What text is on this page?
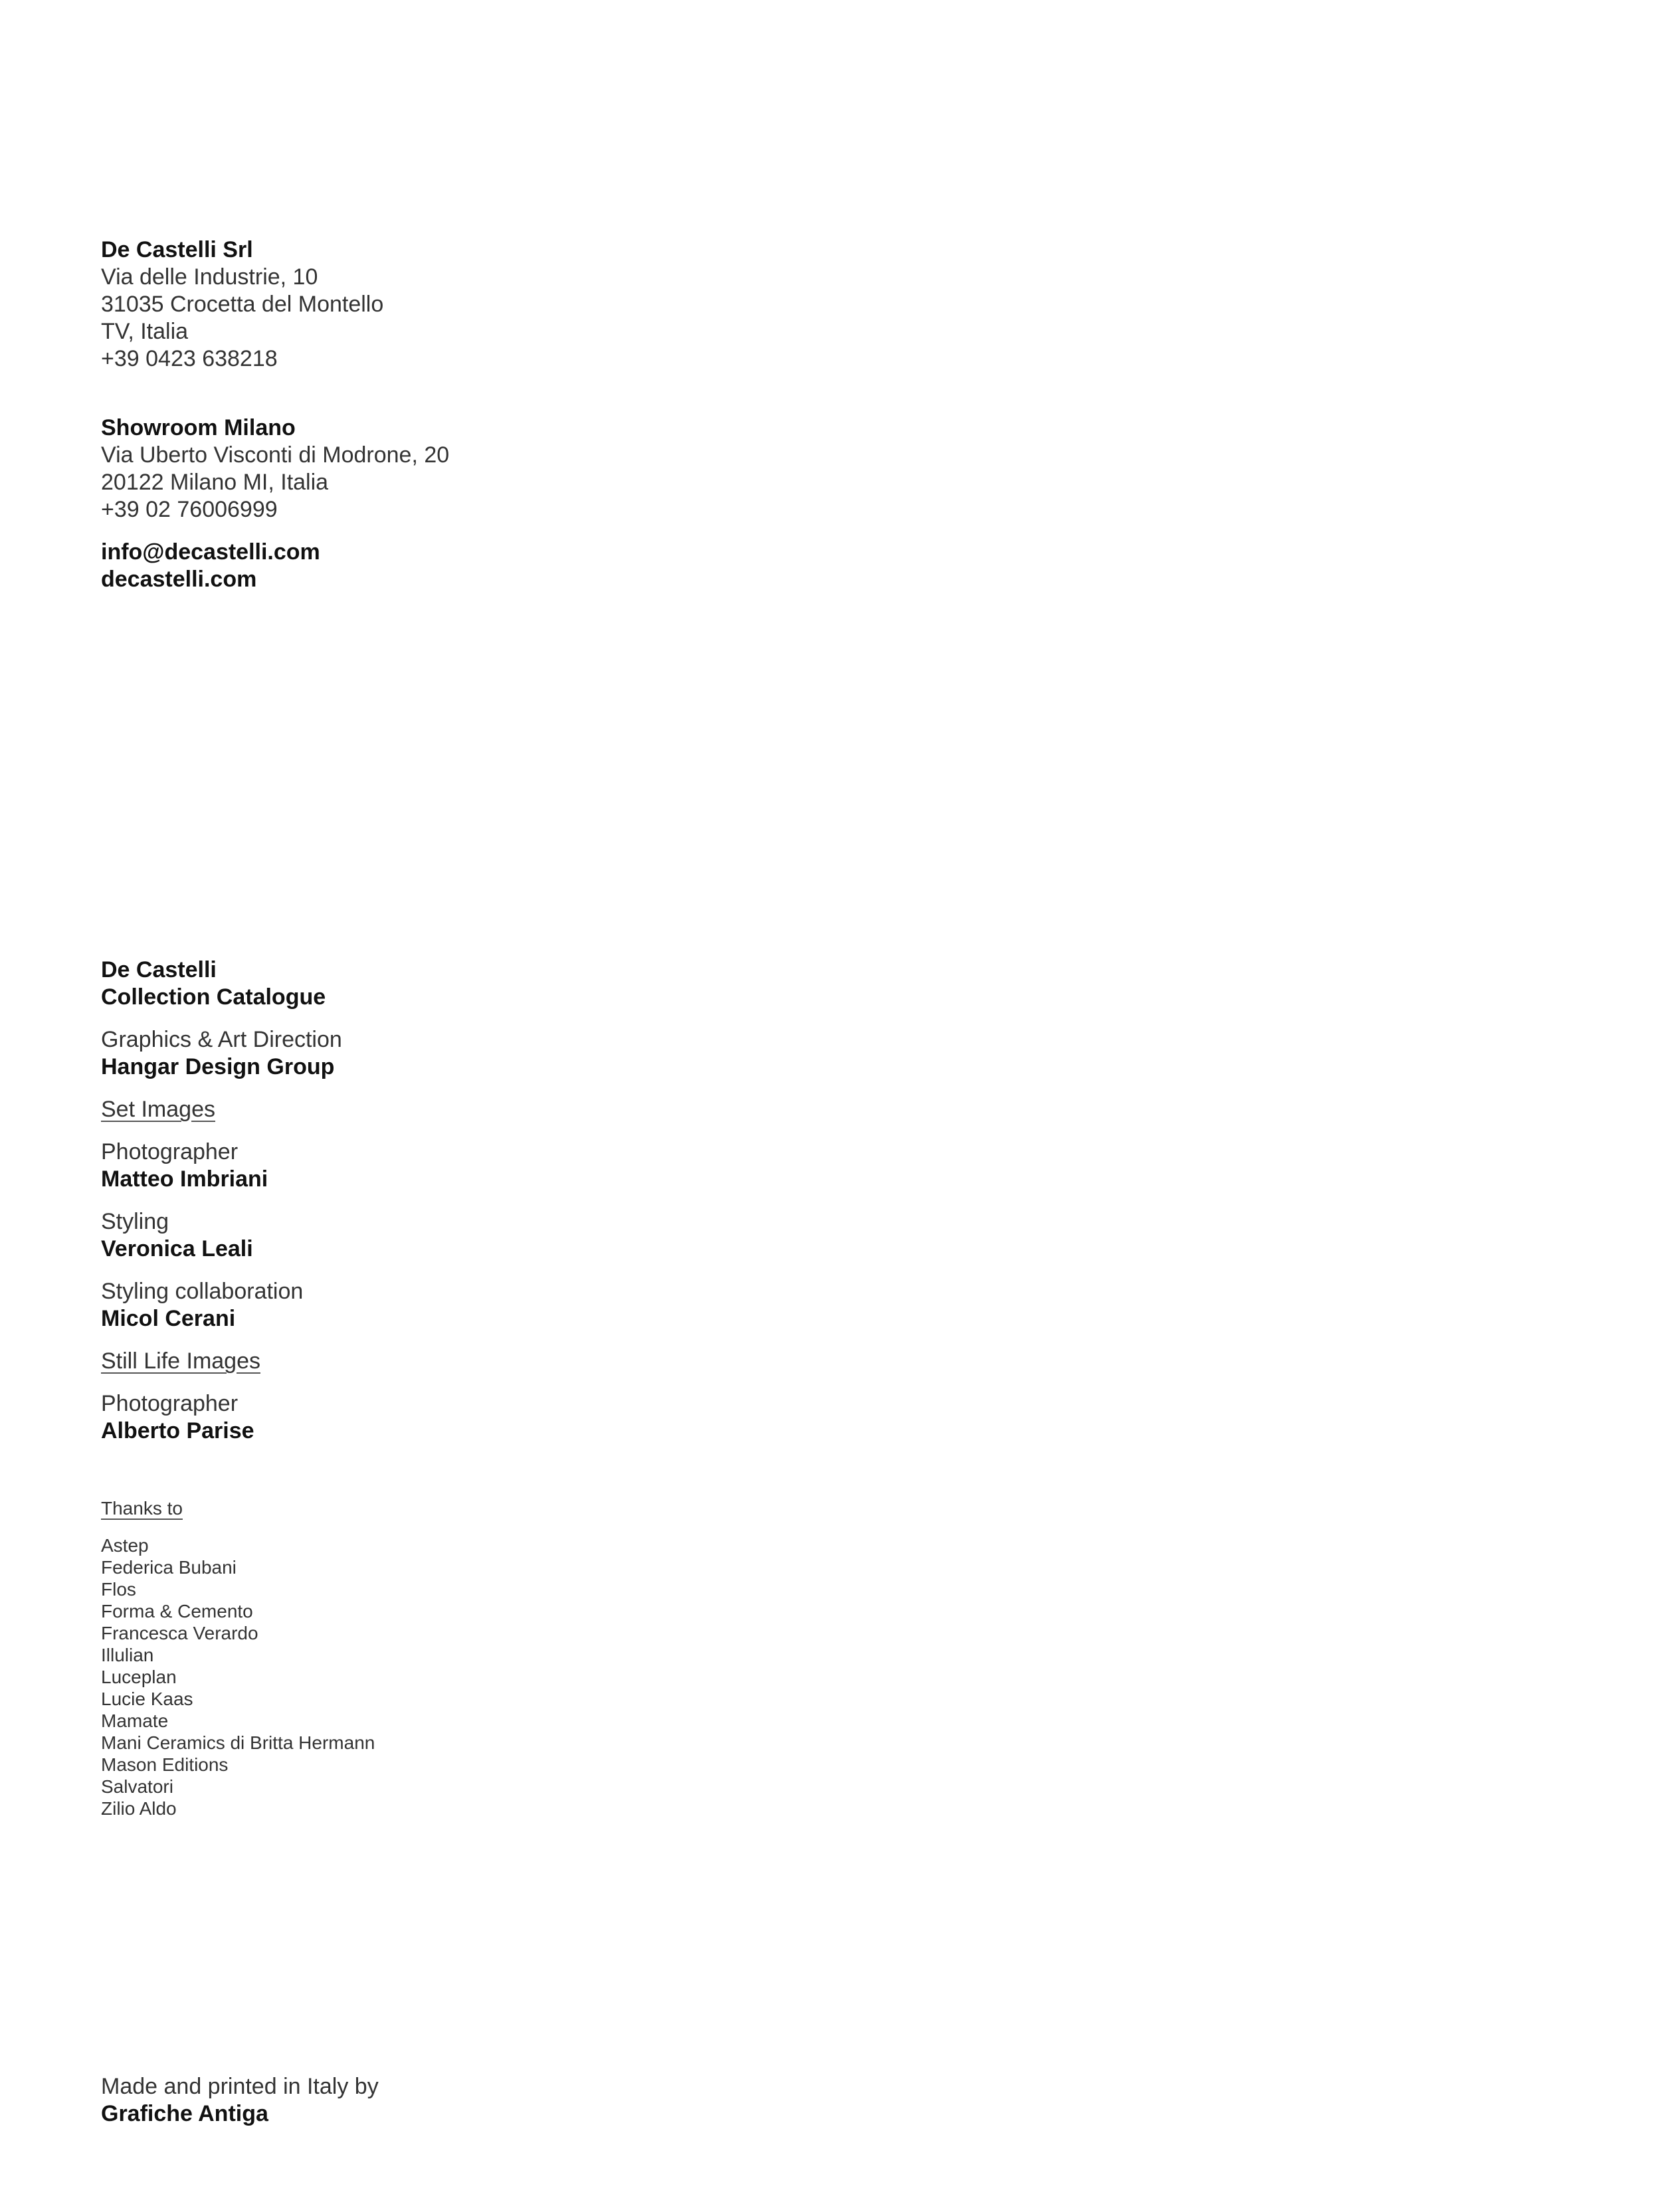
De Castelli Srl
Via delle Industrie, 10
31035 Crocetta del Montello
TV, Italia
+39 0423 638218
Showroom Milano
Via Uberto Visconti di Modrone, 20
20122 Milano MI, Italia
+39 02 76006999
info@decastelli.com
decastelli.com
De Castelli
Collection Catalogue
Graphics & Art Direction
Hangar Design Group
Set Images
Photographer
Matteo Imbriani
Styling
Veronica Leali
Styling collaboration
Micol Cerani
Still Life Images
Photographer
Alberto Parise
Thanks to
Astep
Federica Bubani
Flos
Forma & Cemento
Francesca Verardo
Illulian
Luceplan
Lucie Kaas
Mamate
Mani Ceramics di Britta Hermann
Mason Editions
Salvatori
Zilio Aldo
Made and printed in Italy by
Grafiche Antiga
